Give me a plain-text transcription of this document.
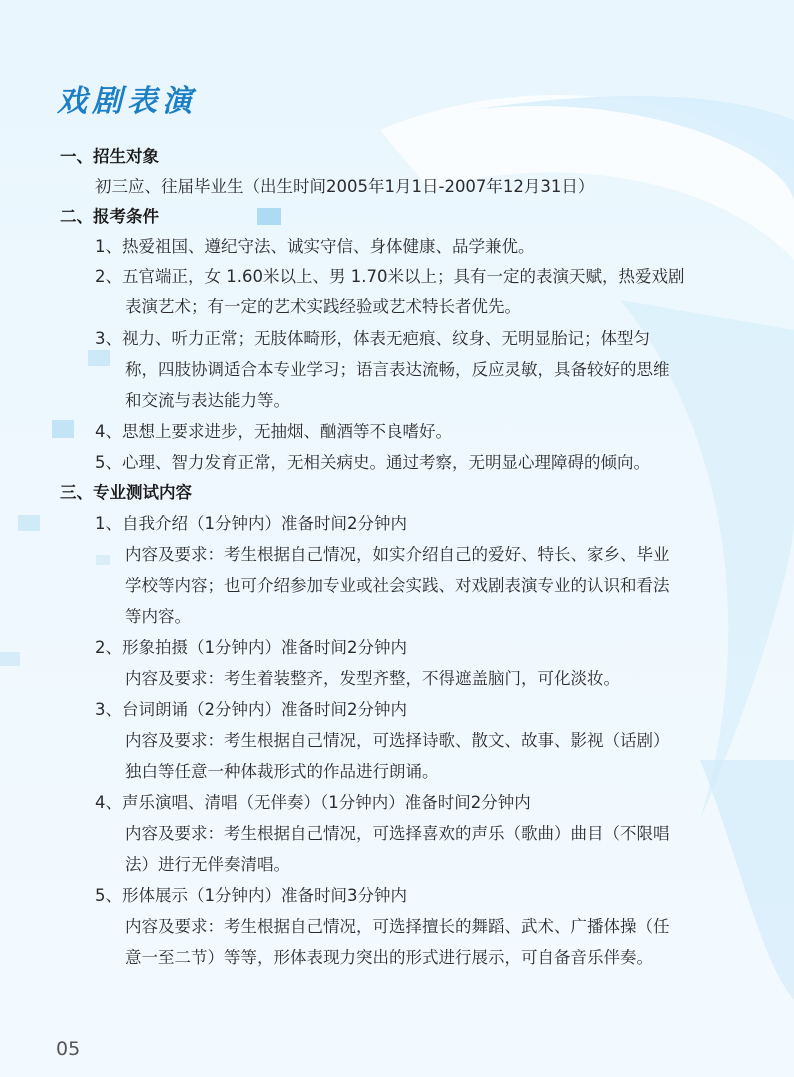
戏剧表演
一、招生对象
初三应、往届毕业生（出生时间2005年1月1日-2007年12月31日）
二、报考条件
1、热爱祖国、遵纪守法、诚实守信、身体健康、品学兼优。
2、五官端正，女 1.60米以上、男 1.70米以上；具有一定的表演天赋，热爱戏剧
表演艺术；有一定的艺术实践经验或艺术特长者优先。
3、视力、听力正常；无肢体畸形，体表无疤痕、纹身、无明显胎记；体型匀
称，四肢协调适合本专业学习；语言表达流畅，反应灵敏，具备较好的思维
和交流与表达能力等。
4、思想上要求进步，无抽烟、酗酒等不良嗜好。
5、心理、智力发育正常，无相关病史。通过考察，无明显心理障碍的倾向。
三、专业测试内容
1、自我介绍（1分钟内）准备时间2分钟内
内容及要求：考生根据自己情况，如实介绍自己的爱好、特长、家乡、毕业
学校等内容；也可介绍参加专业或社会实践、对戏剧表演专业的认识和看法
等内容。
2、形象拍摄（1分钟内）准备时间2分钟内
内容及要求：考生着装整齐，发型齐整，不得遮盖脑门，可化淡妆。
3、台词朗诵（2分钟内）准备时间2分钟内
内容及要求：考生根据自己情况，可选择诗歌、散文、故事、影视（话剧）
独白等任意一种体裁形式的作品进行朗诵。
4、声乐演唱、清唱（无伴奏）（1分钟内）准备时间2分钟内
内容及要求：考生根据自己情况，可选择喜欢的声乐（歌曲）曲目（不限唱
法）进行无伴奏清唱。
5、形体展示（1分钟内）准备时间3分钟内
内容及要求：考生根据自己情况，可选择擅长的舞蹈、武术、广播体操（任
意一至二节）等等，形体表现力突出的形式进行展示，可自备音乐伴奏。
05
